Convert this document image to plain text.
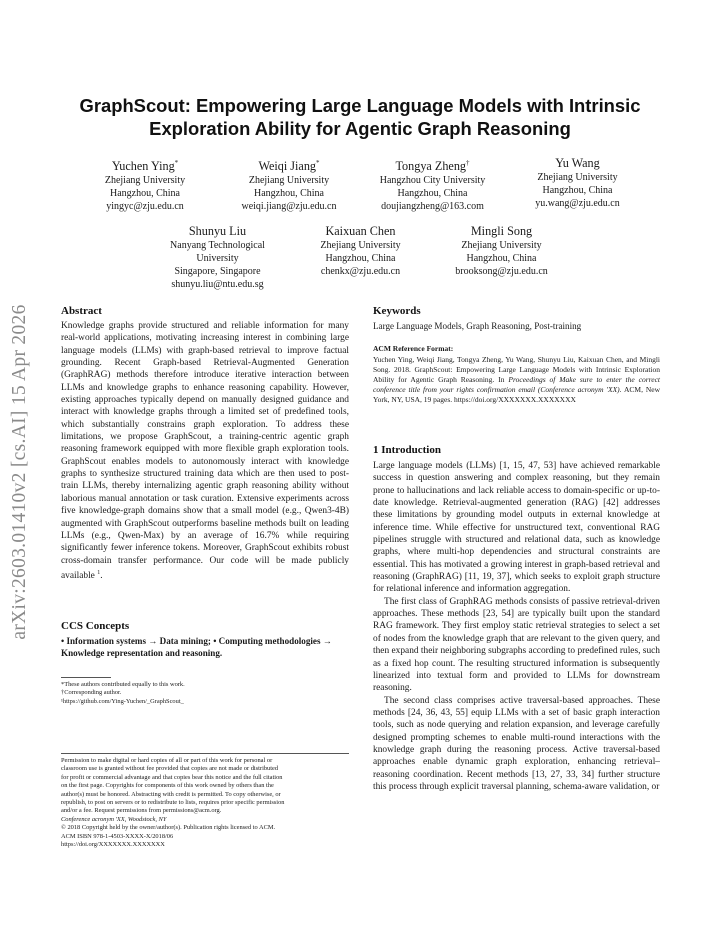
arXiv:2603.01410v2 [cs.AI] 15 Apr 2026
GraphScout: Empowering Large Language Models with Intrinsic
Exploration Ability for Agentic Graph Reasoning
Yuchen Ying*
Zhejiang University
Hangzhou, China
yingyc@zju.edu.cn
Weiqi Jiang*
Zhejiang University
Hangzhou, China
weiqi.jiang@zju.edu.cn
Tongya Zheng†
Hangzhou City University
Hangzhou, China
doujiangzheng@163.com
Yu Wang
Zhejiang University
Hangzhou, China
yu.wang@zju.edu.cn
Shunyu Liu
Nanyang Technological
University
Singapore, Singapore
shunyu.liu@ntu.edu.sg
Kaixuan Chen
Zhejiang University
Hangzhou, China
chenkx@zju.edu.cn
Mingli Song
Zhejiang University
Hangzhou, China
brooksong@zju.edu.cn
Abstract
Knowledge graphs provide structured and reliable information for many real-world applications, motivating increasing interest in combining large language models (LLMs) with graph-based retrieval to improve factual grounding. Recent Graph-based Retrieval-Augmented Generation (GraphRAG) methods therefore introduce iterative interaction between LLMs and knowledge graphs to enhance reasoning capability. However, existing approaches typically depend on manually designed guidance and interact with knowledge graphs through a limited set of predefined tools, which substantially constrains graph exploration. To address these limitations, we propose GraphScout, a training-centric agentic graph reasoning framework equipped with more flexible graph exploration tools. GraphScout enables models to autonomously interact with knowledge graphs to synthesize structured training data which are then used to post-train LLMs, thereby internalizing agentic graph reasoning ability without laborious manual annotation or task curation. Extensive experiments across five knowledge-graph domains show that a small model (e.g., Qwen3-4B) augmented with GraphScout outperforms baseline methods built on leading LLMs (e.g., Qwen-Max) by an average of 16.7% while requiring significantly fewer inference tokens. Moreover, GraphScout exhibits robust cross-domain transfer performance. Our code will be made publicly available $^1$.
CCS Concepts
• Information systems → Data mining; • Computing methodologies → Knowledge representation and reasoning.
*These authors contributed equally to this work.
†Corresponding author.
¹https://github.com/Ying-Yuchen/_GraphScout_
Permission to make digital or hard copies of all or part of this work for personal or
classroom use is granted without fee provided that copies are not made or distributed
for profit or commercial advantage and that copies bear this notice and the full citation
on the first page. Copyrights for components of this work owned by others than the
author(s) must be honored. Abstracting with credit is permitted. To copy otherwise, or
republish, to post on servers or to redistribute to lists, requires prior specific permission
and/or a fee. Request permissions from permissions@acm.org.
Conference acronym 'XX, Woodstock, NY
© 2018 Copyright held by the owner/author(s). Publication rights licensed to ACM.
ACM ISBN 978-1-4503-XXXX-X/2018/06
https://doi.org/XXXXXXX.XXXXXXX
Keywords
Large Language Models, Graph Reasoning, Post-training
ACM Reference Format:
Yuchen Ying, Weiqi Jiang, Tongya Zheng, Yu Wang, Shunyu Liu, Kaixuan Chen, and Mingli Song. 2018. GraphScout: Empowering Large Language Models with Intrinsic Exploration Ability for Agentic Graph Reasoning. In Proceedings of Make sure to enter the correct conference title from your rights confirmation email (Conference acronym 'XX). ACM, New York, NY, USA, 19 pages. https://doi.org/XXXXXXX.XXXXXXX
1 Introduction

Large language models (LLMs) [1, 15, 47, 53] have achieved remarkable success in question answering and complex reasoning, but they remain prone to hallucinations and lack reliable access to domain-specific or up-to-date knowledge. Retrieval-augmented generation (RAG) [42] addresses these limitations by grounding model outputs in external knowledge at inference time. While effective for unstructured text, conventional RAG pipelines struggle with structured and relational data, such as knowledge graphs, where multi-hop dependencies and structural constraints are essential. This has motivated a growing interest in graph-based retrieval and reasoning (GraphRAG) [11, 19, 37], which seeks to exploit graph structure for relational inference and information aggregation.

The first class of GraphRAG methods consists of passive retrieval-driven approaches. These methods [23, 54] are typically built upon the standard RAG framework. They first employ static retrieval strategies to select a set of nodes from the knowledge graph that are relevant to the given query, and then expand their neighboring subgraphs according to predefined rules, such as a fixed hop count. The resulting structured information is subsequently linearized into textual form and provided to LLMs for downstream reasoning.

The second class comprises active traversal-based approaches. These methods [24, 36, 43, 55] equip LLMs with a set of basic graph interaction tools, such as node querying and relation expansion, and leverage carefully designed prompting schemes to enable multi-round interactions with the knowledge graph during the reasoning process. Active traversal-based approaches enable dynamic graph exploration, enhancing retrieval–reasoning coordination. Recent methods [13, 27, 33, 34] further structure this process through explicit traversal planning, schema-aware validation, or
